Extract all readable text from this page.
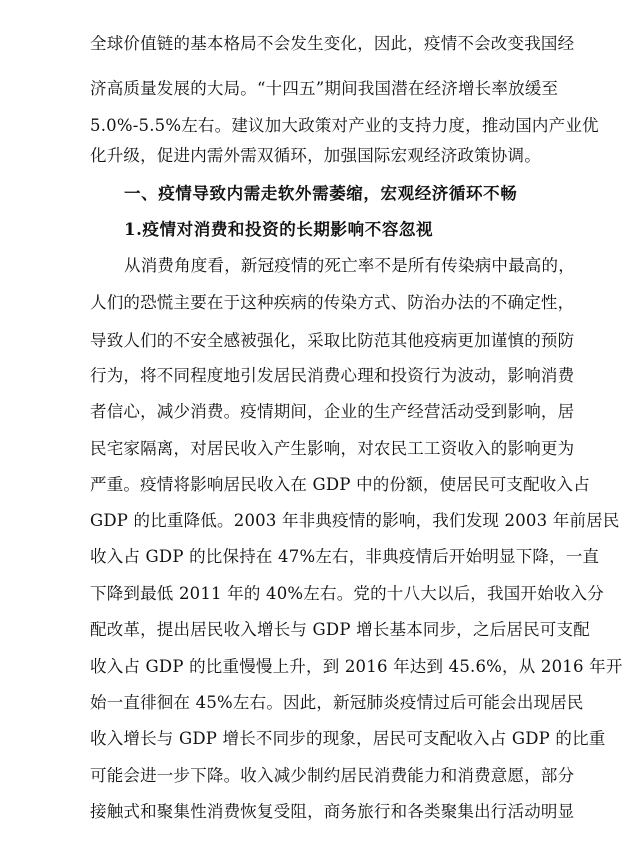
全球价值链的基本格局不会发生变化，因此，疫情不会改变我国经
济高质量发展的大局。“十四五”期间我国潜在经济增长率放缓至
5.0%-5.5%左右。建议加大政策对产业的支持力度，推动国内产业优
化升级，促进内需外需双循环，加强国际宏观经济政策协调。
一、疫情导致内需走软外需萎缩，宏观经济循环不畅
1.疫情对消费和投资的长期影响不容忽视
从消费角度看，新冠疫情的死亡率不是所有传染病中最高的，
人们的恐慌主要在于这种疾病的传染方式、防治办法的不确定性，
导致人们的不安全感被强化，采取比防范其他疫病更加谨慎的预防
行为，将不同程度地引发居民消费心理和投资行为波动，影响消费
者信心，减少消费。疫情期间，企业的生产经营活动受到影响，居
民宅家隔离，对居民收入产生影响，对农民工工资收入的影响更为
严重。疫情将影响居民收入在 GDP 中的份额，使居民可支配收入占
GDP 的比重降低。2003 年非典疫情的影响，我们发现 2003 年前居民
收入占 GDP 的比保持在 47%左右，非典疫情后开始明显下降，一直
下降到最低 2011 年的 40%左右。党的十八大以后，我国开始收入分
配改革，提出居民收入增长与 GDP 增长基本同步，之后居民可支配
收入占 GDP 的比重慢慢上升，到 2016 年达到 45.6%，从 2016 年开
始一直徘徊在 45%左右。因此，新冠肺炎疫情过后可能会出现居民
收入增长与 GDP 增长不同步的现象，居民可支配收入占 GDP 的比重
可能会进一步下降。收入减少制约居民消费能力和消费意愿，部分
接触式和聚集性消费恢复受阻，商务旅行和各类聚集出行活动明显
